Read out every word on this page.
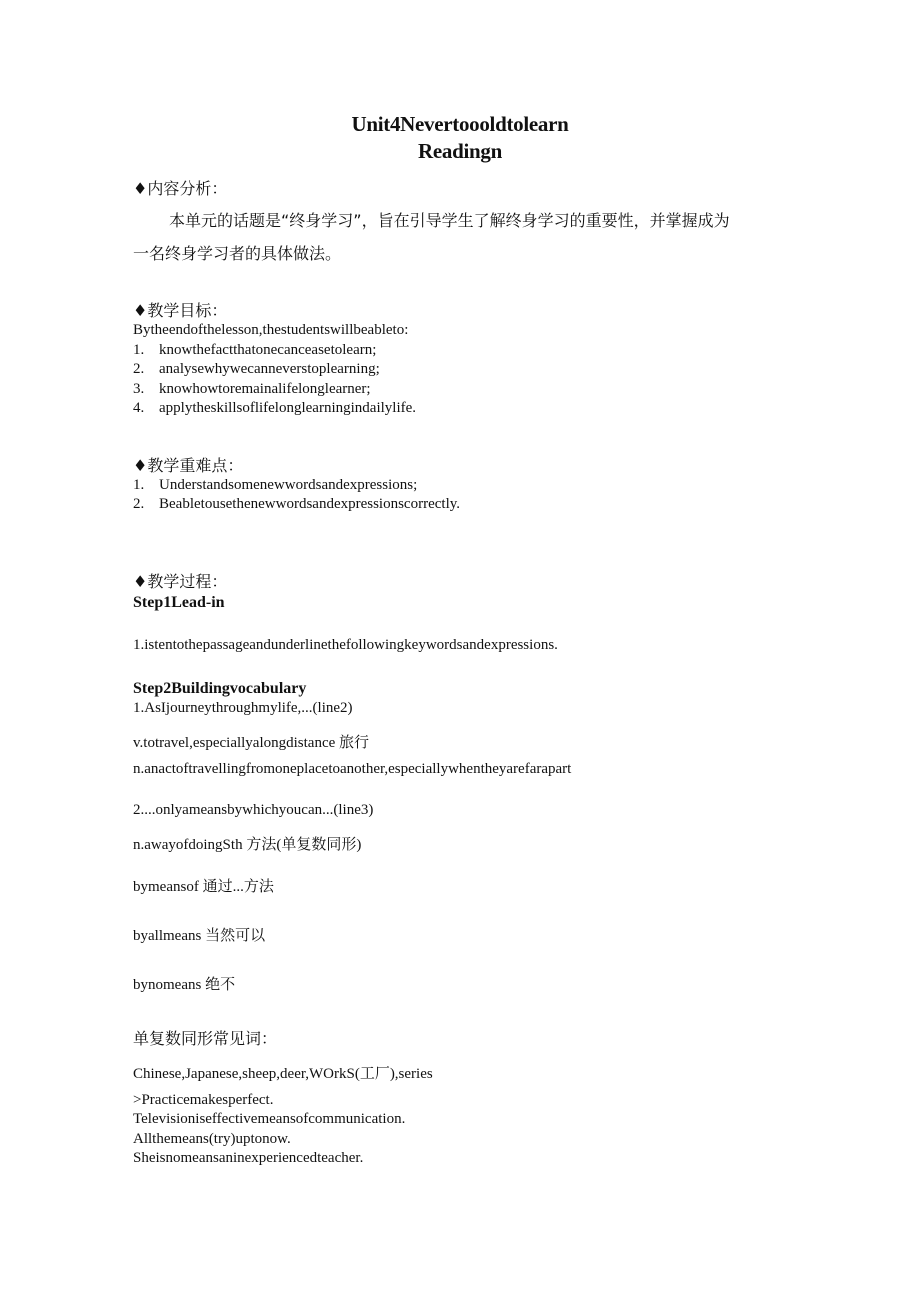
Unit4Nevertoooldtolearn
Readingn
♦内容分析：
本单元的话题是“终身学习”，旨在引导学生了解终身学习的重要性，并掌握成为
一名终身学习者的具体做法。
♦教学目标：
Bytheendofthelesson,thestudentswillbeableto:
1. knowthefactthatonecanceasetolearn;
2. analysewhywecanneverstoplearning;
3. knowhowtoremainalifelonglearner;
4. applytheskillsoflifelonglearningindailylife.
♦教学重难点：
1. Understandsomenewwordsandexpressions;
2. Beabletousethenewwordsandexpressionscorrectly.
♦教学过程：
Step1Lead-in
1.istentothepassageandunderlinethefollowingkeywordsandexpressions.
Step2Buildingvocabulary
1.AsIjourneythroughmylife,...(line2)
v.totravel,especiallyalongdistance 旅行
n.anactoftravellingfromoneplacetoanother,especiallywhentheyarefarapart
2....onlyameansbywhichyoucan...(line3)
n.awayofdoingSth 方法(单复数同形)
bymeansof 通过...方法
byallmeans 当然可以
bynomeans 绝不
单复数同形常见词：
Chinese,Japanese,sheep,deer,WOrkS(工厂),series
>Practicemakesperfect.
Televisioniseffectivemeansofcommunication.
Allthemeans(try)uptonow.
Sheisnomeansaninexperiencedteacher.
